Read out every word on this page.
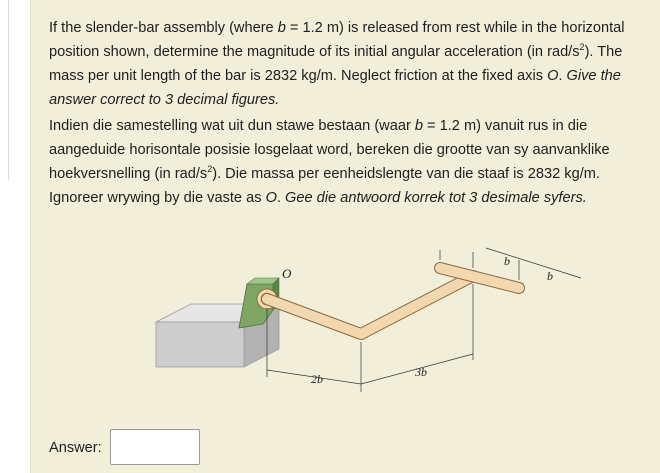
If the slender-bar assembly (where b = 1.2 m) is released from rest while in the horizontal position shown, determine the magnitude of its initial angular acceleration (in rad/$s^2$). The mass per unit length of the bar is 2832 kg/m. Neglect friction at the fixed axis O. Give the answer correct to 3 decimal figures.

Indien die samestelling wat uit dun stawe bestaan (waar b = 1.2 m) vanuit rus in die aangeduide horisontale posisie losgelaat word, bereken die grootte van sy aanvanklike hoekversnelling (in rad/$s^2$). Die massa per eenheidslengte van die staaf is 2832 kg/m. Ignoreer wrywing by die vaste as O. Gee die antwoord korrek tot 3 desimale syfers.

O
2b	3b
b
b
Answer:
